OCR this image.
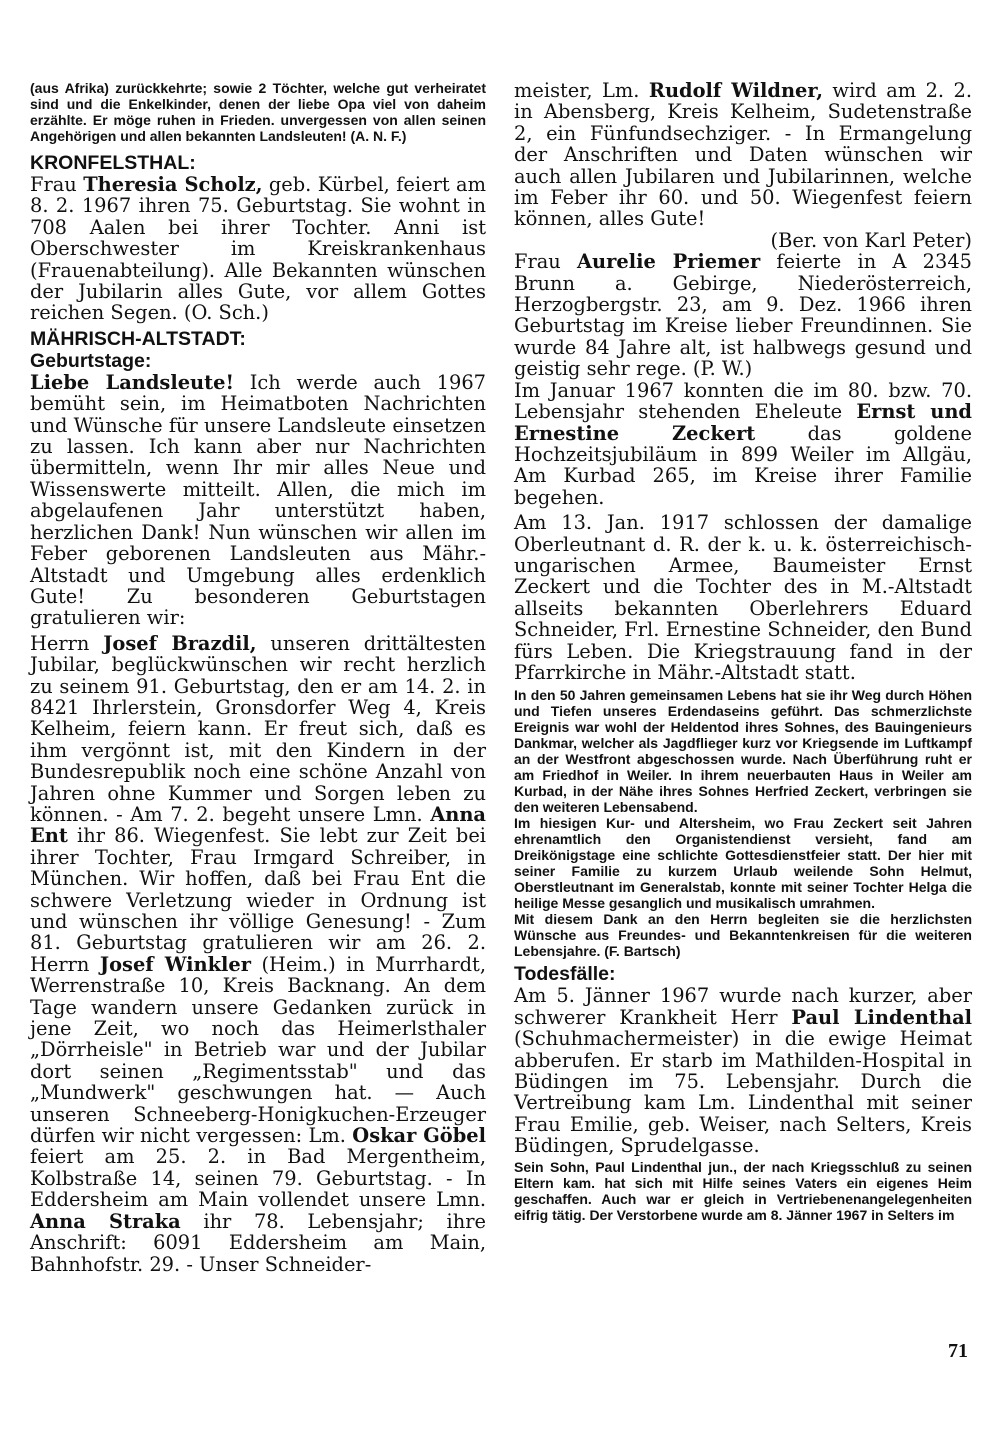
(aus Afrika) zurückkehrte; sowie 2 Töchter, welche gut verheiratet sind und die Enkelkinder, denen der liebe Opa viel von daheim erzählte. Er möge ruhen in Frieden. unvergessen von allen seinen Angehörigen und allen bekannten Landsleuten! (A. N. F.)

KRONFELSTHAL:

Frau Theresia Scholz, geb. Kürbel, feiert am 8. 2. 1967 ihren 75. Geburtstag. Sie wohnt in 708 Aalen bei ihrer Tochter. Anni ist Oberschwester im Kreiskrankenhaus (Frauenabteilung). Alle Bekannten wünschen der Jubilarin alles Gute, vor allem Gottes reichen Segen. (O. Sch.)

MÄHRISCH-ALTSTADT:

Geburtstage:

Liebe Landsleute! Ich werde auch 1967 bemüht sein, im Heimatboten Nachrichten und Wünsche für unsere Landsleute einsetzen zu lassen. Ich kann aber nur Nachrichten übermitteln, wenn Ihr mir alles Neue und Wissenswerte mitteilt. Allen, die mich im abgelaufenen Jahr unterstützt haben, herzlichen Dank! Nun wünschen wir allen im Feber geborenen Landsleuten aus Mähr.-Altstadt und Umgebung alles erdenklich Gute! Zu besonderen Geburtstagen gratulieren wir:

Herrn Josef Brazdil, unseren drittältesten Jubilar, beglückwünschen wir recht herzlich zu seinem 91. Geburtstag, den er am 14. 2. in 8421 Ihrlerstein, Gronsdorfer Weg 4, Kreis Kelheim, feiern kann. Er freut sich, daß es ihm vergönnt ist, mit den Kindern in der Bundesrepublik noch eine schöne Anzahl von Jahren ohne Kummer und Sorgen leben zu können. - Am 7. 2. begeht unsere Lmn. Anna Ent ihr 86. Wiegenfest. Sie lebt zur Zeit bei ihrer Tochter, Frau Irmgard Schreiber, in München. Wir hoffen, daß bei Frau Ent die schwere Verletzung wieder in Ordnung ist und wünschen ihr völlige Genesung! - Zum 81. Geburtstag gratulieren wir am 26. 2. Herrn Josef Winkler (Heim.) in Murrhardt, Werrenstraße 10, Kreis Backnang. An dem Tage wandern unsere Gedanken zurück in jene Zeit, wo noch das Heimerlsthaler „Dörrheisle" in Betrieb war und der Jubilar dort seinen „Regimentsstab" und das „Mundwerk" geschwungen hat. — Auch unseren Schneeberg-Honigkuchen-Erzeuger dürfen wir nicht vergessen: Lm. Oskar Göbel feiert am 25. 2. in Bad Mergentheim, Kolbstraße 14, seinen 79. Geburtstag. - In Eddersheim am Main vollendet unsere Lmn. Anna Straka ihr 78. Lebensjahr; ihre Anschrift: 6091 Eddersheim am Main, Bahnhofstr. 29. - Unser Schneider-

meister, Lm. Rudolf Wildner, wird am 2. 2. in Abensberg, Kreis Kelheim, Sudetenstraße 2, ein Fünfundsechziger. - In Ermangelung der Anschriften und Daten wünschen wir auch allen Jubilaren und Jubilarinnen, welche im Feber ihr 60. und 50. Wiegenfest feiern können, alles Gute!

(Ber. von Karl Peter)

Frau Aurelie Priemer feierte in A 2345 Brunn a. Gebirge, Niederösterreich, Herzogbergstr. 23, am 9. Dez. 1966 ihren Geburtstag im Kreise lieber Freundinnen. Sie wurde 84 Jahre alt, ist halbwegs gesund und geistig sehr rege. (P. W.)

Im Januar 1967 konnten die im 80. bzw. 70. Lebensjahr stehenden Eheleute Ernst und Ernestine Zeckert das goldene Hochzeitsjubiläum in 899 Weiler im Allgäu, Am Kurbad 265, im Kreise ihrer Familie begehen.

Am 13. Jan. 1917 schlossen der damalige Oberleutnant d. R. der k. u. k. österreichisch-ungarischen Armee, Baumeister Ernst Zeckert und die Tochter des in M.-Altstadt allseits bekannten Oberlehrers Eduard Schneider, Frl. Ernestine Schneider, den Bund fürs Leben. Die Kriegstrauung fand in der Pfarrkirche in Mähr.-Altstadt statt.

In den 50 Jahren gemeinsamen Lebens hat sie ihr Weg durch Höhen und Tiefen unseres Erdendaseins geführt. Das schmerzlichste Ereignis war wohl der Heldentod ihres Sohnes, des Bauingenieurs Dankmar, welcher als Jagdflieger kurz vor Kriegsende im Luftkampf an der Westfront abgeschossen wurde. Nach Überführung ruht er am Friedhof in Weiler. In ihrem neuerbauten Haus in Weiler am Kurbad, in der Nähe ihres Sohnes Herfried Zeckert, verbringen sie den weiteren Lebensabend.

Im hiesigen Kur- und Altersheim, wo Frau Zeckert seit Jahren ehrenamtlich den Organistendienst versieht, fand am Dreikönigstage eine schlichte Gottesdienstfeier statt. Der hier mit seiner Familie zu kurzem Urlaub weilende Sohn Helmut, Oberstleutnant im Generalstab, konnte mit seiner Tochter Helga die heilige Messe gesanglich und musikalisch umrahmen.

Mit diesem Dank an den Herrn begleiten sie die herzlichsten Wünsche aus Freundes- und Bekanntenkreisen für die weiteren Lebensjahre. (F. Bartsch)

Todesfälle:

Am 5. Jänner 1967 wurde nach kurzer, aber schwerer Krankheit Herr Paul Lindenthal (Schuhmachermeister) in die ewige Heimat abberufen. Er starb im Mathilden-Hospital in Büdingen im 75. Lebensjahr. Durch die Vertreibung kam Lm. Lindenthal mit seiner Frau Emilie, geb. Weiser, nach Selters, Kreis Büdingen, Sprudelgasse.

Sein Sohn, Paul Lindenthal jun., der nach Kriegsschluß zu seinen Eltern kam. hat sich mit Hilfe seines Vaters ein eigenes Heim geschaffen. Auch war er gleich in Vertriebenenangelegenheiten eifrig tätig. Der Verstorbene wurde am 8. Jänner 1967 in Selters im

71
